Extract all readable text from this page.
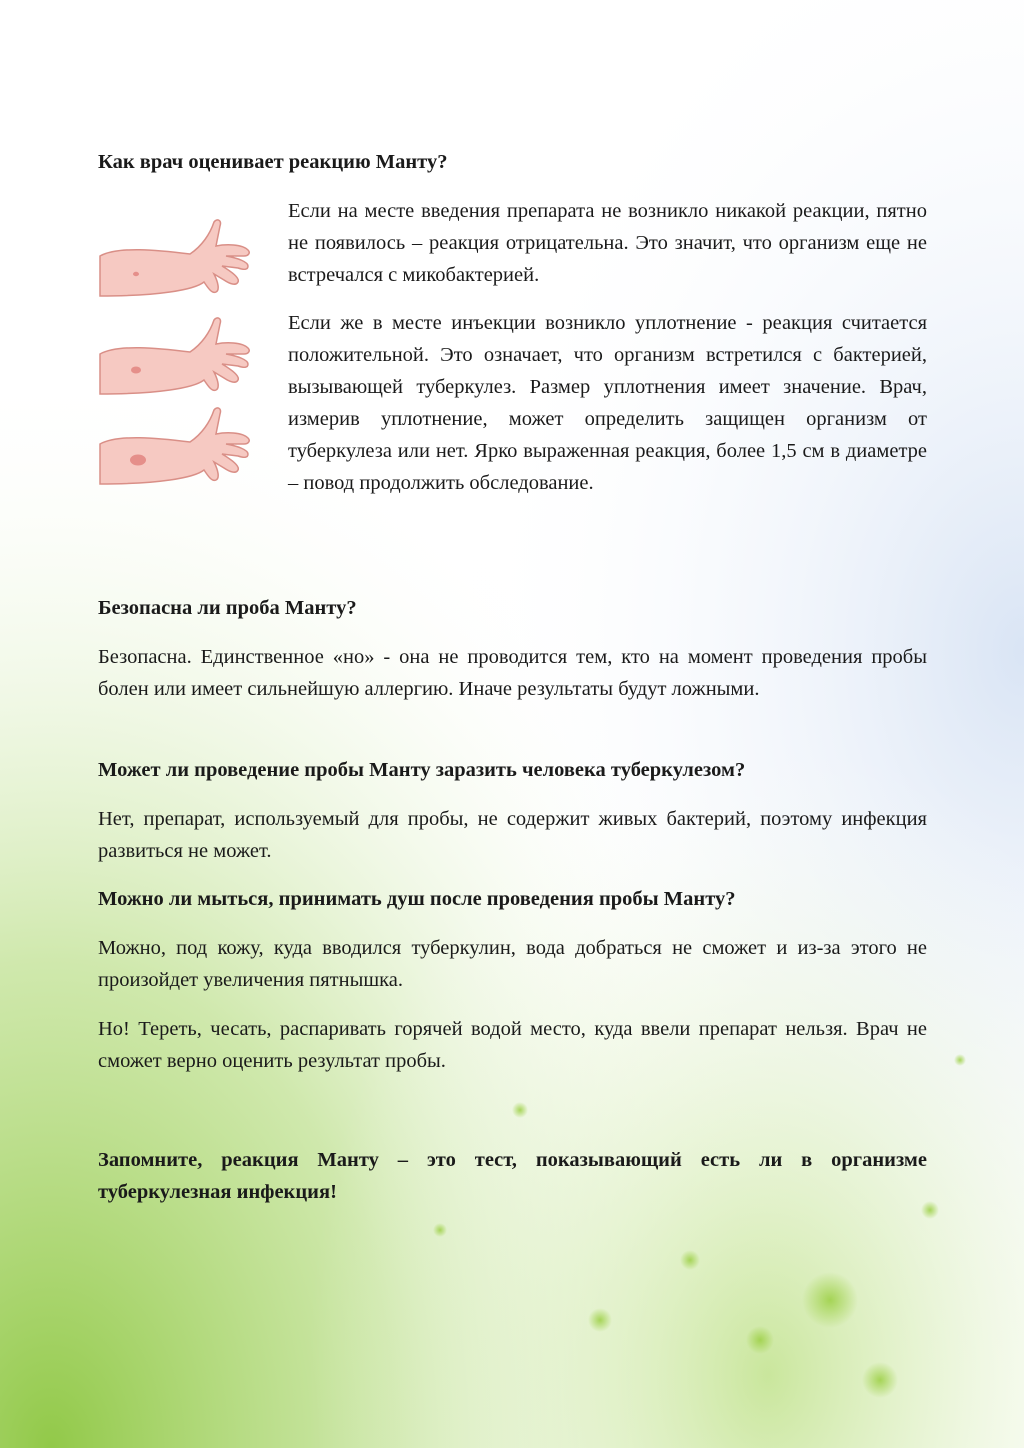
Как врач оценивает реакцию Манту?

Если на месте введения препарата не возникло никакой реакции, пятно не появилось – реакция отрицательна. Это значит, что организм еще не встречался с микобактерией.

Если же в месте инъекции возникло уплотнение - реакция считается положительной. Это означает, что организм встретился с бактерией, вызывающей туберкулез. Размер уплотнения имеет значение. Врач, измерив уплотнение, может определить защищен организм от туберкулеза или нет. Ярко выраженная реакция, более 1,5 см в диаметре – повод продолжить обследование.

Безопасна ли проба Манту?

Безопасна. Единственное «но» - она не проводится тем, кто на момент проведения пробы болен или имеет сильнейшую аллергию. Иначе результаты будут ложными.

Может ли проведение пробы Манту заразить человека туберкулезом?

Нет, препарат, используемый для пробы, не содержит живых бактерий, поэтому инфекция развиться не может.

Можно ли мыться, принимать душ после проведения пробы Манту?

Можно, под кожу, куда вводился туберкулин, вода добраться не сможет и из-за этого не произойдет увеличения пятнышка.

Но! Тереть, чесать, распаривать горячей водой место, куда ввели препарат нельзя. Врач не сможет верно оценить результат пробы.

Запомните, реакция Манту – это тест, показывающий есть ли в организме туберкулезная инфекция!
